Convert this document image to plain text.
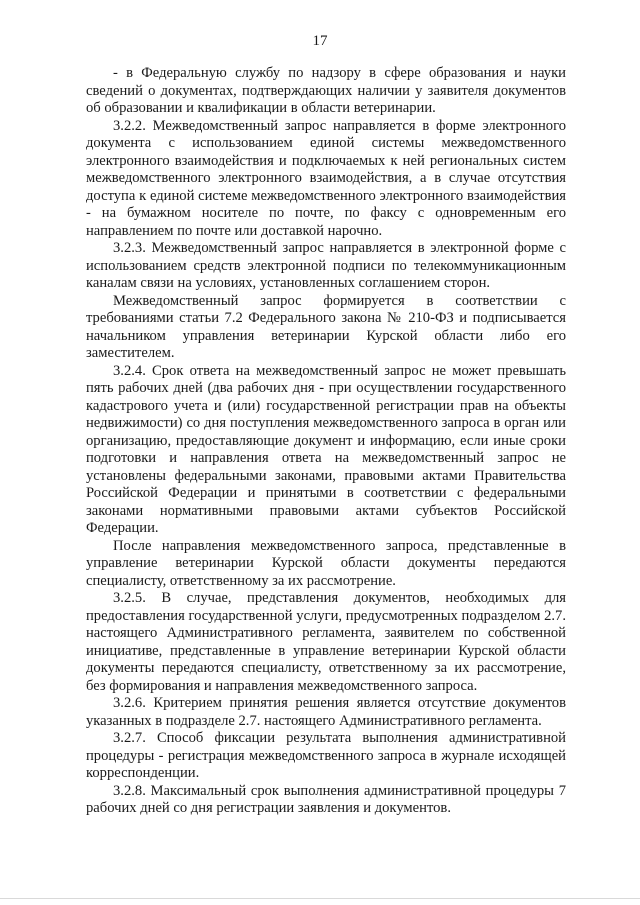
17

- в Федеральную службу по надзору в сфере образования и науки сведений о документах, подтверждающих наличии у заявителя документов об образовании и квалификации в области ветеринарии.

3.2.2. Межведомственный запрос направляется в форме электронного документа с использованием единой системы межведомственного электронного взаимодействия и подключаемых к ней региональных систем межведомственного электронного взаимодействия, а в случае отсутствия доступа к единой системе межведомственного электронного взаимодействия - на бумажном носителе по почте, по факсу с одновременным его направлением по почте или доставкой нарочно.

3.2.3. Межведомственный запрос направляется в электронной форме с использованием средств электронной подписи по телекоммуникационным каналам связи на условиях, установленных соглашением сторон.

Межведомственный запрос формируется в соответствии с требованиями статьи 7.2 Федерального закона № 210-ФЗ и подписывается начальником управления ветеринарии Курской области либо его заместителем.

3.2.4. Срок ответа на межведомственный запрос не может превышать пять рабочих дней (два рабочих дня - при осуществлении государственного кадастрового учета и (или) государственной регистрации прав на объекты недвижимости) со дня поступления межведомственного запроса в орган или организацию, предоставляющие документ и информацию, если иные сроки подготовки и направления ответа на межведомственный запрос не установлены федеральными законами, правовыми актами Правительства Российской Федерации и принятыми в соответствии с федеральными законами нормативными правовыми актами субъектов Российской Федерации.

После направления межведомственного запроса, представленные в управление ветеринарии Курской области документы передаются специалисту, ответственному за их рассмотрение.

3.2.5. В случае, представления документов, необходимых для предоставления государственной услуги, предусмотренных подразделом 2.7. настоящего Административного регламента, заявителем по собственной инициативе, представленные в управление ветеринарии Курской области документы передаются специалисту, ответственному за их рассмотрение, без формирования и направления межведомственного запроса.

3.2.6. Критерием принятия решения является отсутствие документов указанных в подразделе 2.7. настоящего Административного регламента.

3.2.7. Способ фиксации результата выполнения административной процедуры - регистрация межведомственного запроса в журнале исходящей корреспонденции.

3.2.8. Максимальный срок выполнения административной процедуры 7 рабочих дней со дня регистрации заявления и документов.
